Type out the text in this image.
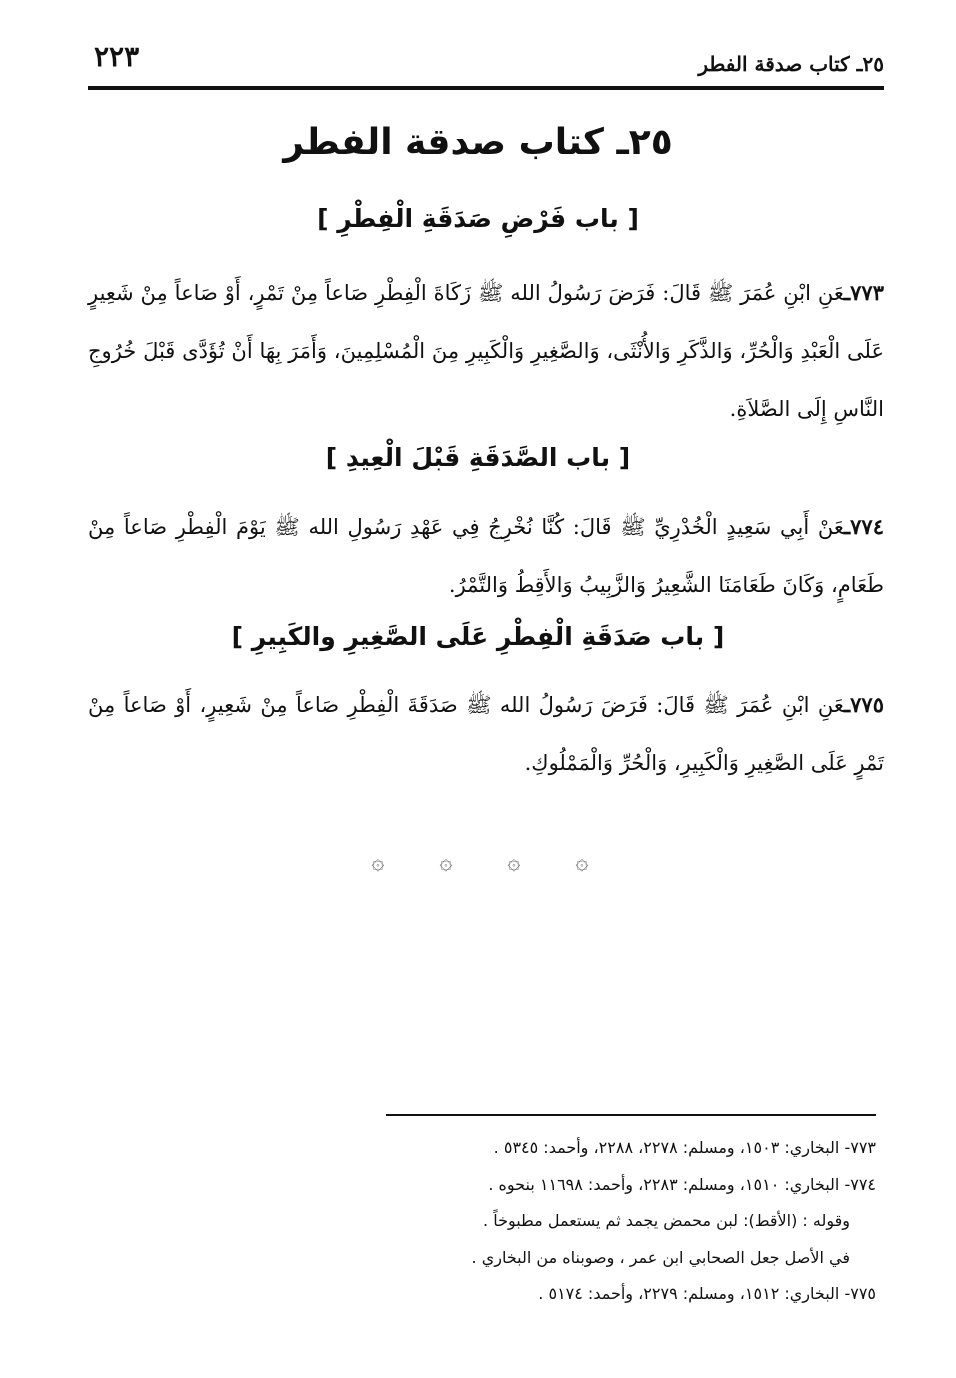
٢٥ـ كتاب صدقة الفطر
٢٢٣
٢٥ـ كتاب صدقة الفطر
[ باب فَرْضِ صَدَقَةِ الْفِطْرِ ]
٧٧٣ـعَنِ ابْنِ عُمَرَ ﷺ قَالَ: فَرَضَ رَسُولُ الله ﷺ زَكَاةَ الْفِطْرِ صَاعاً مِنْ تَمْرٍ، أَوْ صَاعاً مِنْ شَعِيرٍ عَلَى الْعَبْدِ وَالْحُرِّ، وَالذَّكَرِ وَالأُنْثَى، وَالصَّغِيرِ وَالْكَبِيرِ مِنَ الْمُسْلِمِينَ، وَأَمَرَ بِهَا أَنْ تُؤَدَّى قَبْلَ خُرُوجِ النَّاسِ إِلَى الصَّلاَةِ.
[ باب الصَّدَقَةِ قَبْلَ الْعِيدِ ]
٧٧٤ـعَنْ أَبِي سَعِيدٍ الْخُدْرِيِّ ﷺ قَالَ: كُنَّا نُخْرِجُ فِي عَهْدِ رَسُولِ الله ﷺ يَوْمَ الْفِطْرِ صَاعاً مِنْ طَعَامٍ، وَكَانَ طَعَامَنَا الشَّعِيرُ وَالزَّبِيبُ وَالأَقِطُ وَالتَّمْرُ.
[ باب صَدَقَةِ الْفِطْرِ عَلَى الصَّغِيرِ والكَبِيرِ ]
٧٧٥ـعَنِ ابْنِ عُمَرَ ﷺ قَالَ: فَرَضَ رَسُولُ الله ﷺ صَدَقَةَ الْفِطْرِ صَاعاً مِنْ شَعِيرٍ، أَوْ صَاعاً مِنْ تَمْرٍ عَلَى الصَّغِيرِ وَالْكَبِيرِ، وَالْحُرِّ وَالْمَمْلُوكِ.
۞	۞	۞	۞
٧٧٣- البخاري: ١٥٠٣، ومسلم: ٢٢٧٨، ٢٢٨٨، وأحمد: ٥٣٤٥ .
٧٧٤- البخاري: ١٥١٠، ومسلم: ٢٢٨٣، وأحمد: ١١٦٩٨ بنحوه .
وقوله : (الأقط): لبن محمض يجمد ثم يستعمل مطبوخاً .
في الأصل جعل الصحابي ابن عمر ، وصوبناه من البخاري .
٧٧٥- البخاري: ١٥١٢، ومسلم: ٢٢٧٩، وأحمد: ٥١٧٤ .
